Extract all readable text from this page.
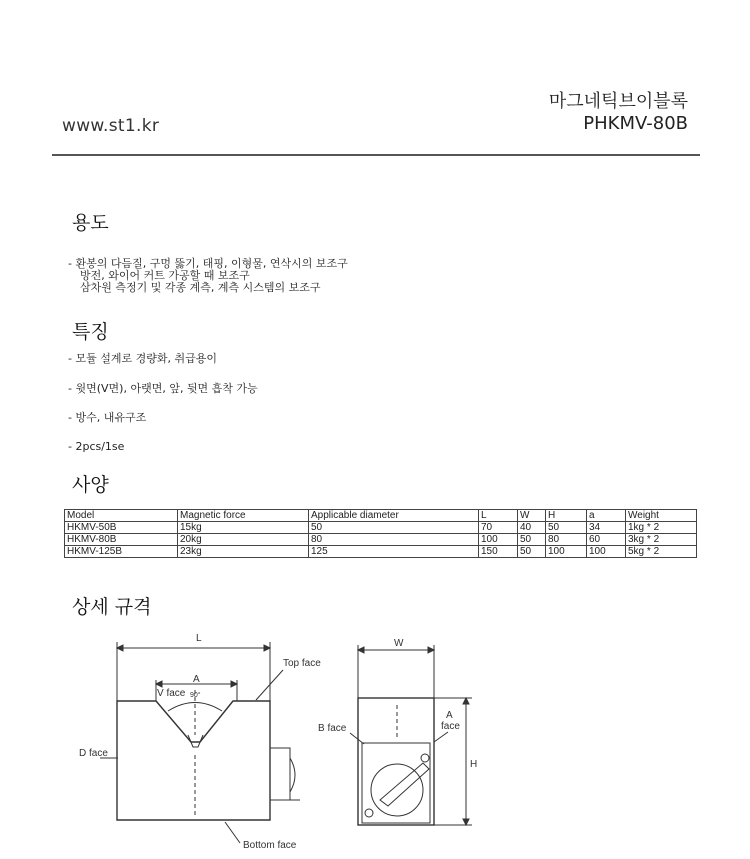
www.st1.kr
마그네틱브이블록
PHKMV-80B
용도

- 환봉의 다듬질, 구멍 뚫기, 태핑, 이형물, 연삭시의 보조구

방전, 와이어 커트 가공할 때 보조구

삼차원 측정기 및 각종 계측, 계측 시스템의 보조구

특징

- 모듈 설계로 경량화, 취급용이

- 윗면(V면), 아랫면, 앞, 뒷면 흡착 가능

- 방수, 내유구조

- 2pcs/1se

사양
Model	Magnetic force	Applicable diameter	L	W	H	a	Weight
HKMV-50B	15kg	50	70	40	50	34	1kg * 2
HKMV-80B	20kg	80	100	50	80	60	3kg * 2
HKMV-125B	23kg	125	150	50	100	100	5kg * 2
상세 규격
L
A
V face 90°
Top face
D face
Bottom face
W
B face
A
face
H
